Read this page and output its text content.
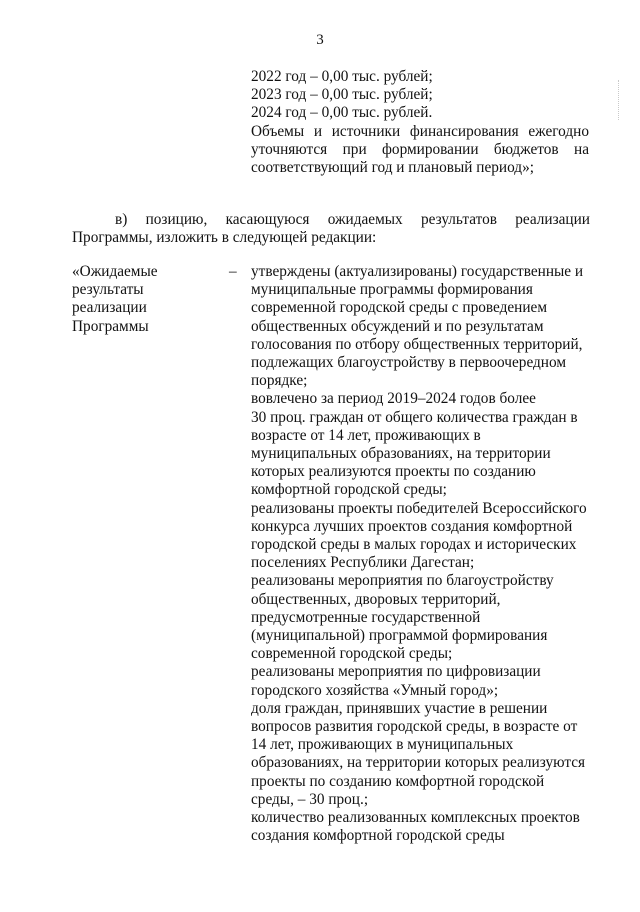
3
2022 год – 0,00 тыс. рублей;
2023 год – 0,00 тыс. рублей;
2024 год – 0,00 тыс. рублей.
Объемы и источники финансирования ежегодно
уточняются при формировании бюджетов на
соответствующий год и плановый период»;
в) позицию, касающуюся ожидаемых результатов реализации
Программы, изложить в следующей редакции:
«Ожидаемые
результаты
реализации
Программы
– утверждены (актуализированы) государственные и
муниципальные программы формирования
современной городской среды с проведением
общественных обсуждений и по результатам
голосования по отбору общественных территорий,
подлежащих благоустройству в первоочередном
порядке;
вовлечено за период 2019–2024 годов более
30 проц. граждан от общего количества граждан в
возрасте от 14 лет, проживающих в
муниципальных образованиях, на территории
которых реализуются проекты по созданию
комфортной городской среды;
реализованы проекты победителей Всероссийского
конкурса лучших проектов создания комфортной
городской среды в малых городах и исторических
поселениях Республики Дагестан;
реализованы мероприятия по благоустройству
общественных, дворовых территорий,
предусмотренные государственной
(муниципальной) программой формирования
современной городской среды;
реализованы мероприятия по цифровизации
городского хозяйства «Умный город»;
доля граждан, принявших участие в решении
вопросов развития городской среды, в возрасте от
14 лет, проживающих в муниципальных
образованиях, на территории которых реализуются
проекты по созданию комфортной городской
среды, – 30 проц.;
количество реализованных комплексных проектов
создания комфортной городской среды
